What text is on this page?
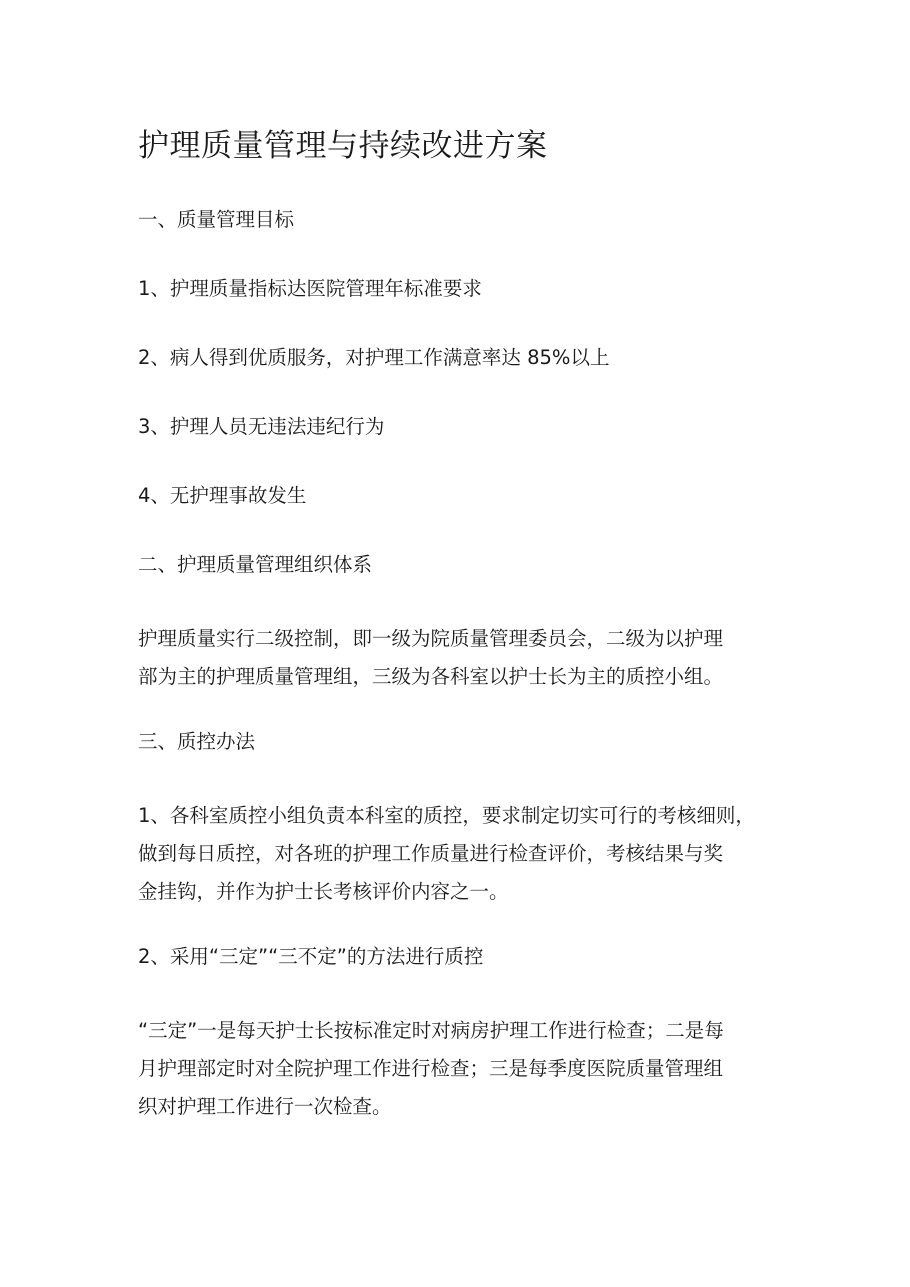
护理质量管理与持续改进方案
一、质量管理目标
1、护理质量指标达医院管理年标准要求
2、病人得到优质服务，对护理工作满意率达 85%以上
3、护理人员无违法违纪行为
4、无护理事故发生
二、护理质量管理组织体系
护理质量实行二级控制，即一级为院质量管理委员会，二级为以护理
部为主的护理质量管理组，三级为各科室以护士长为主的质控小组。
三、质控办法
1、各科室质控小组负责本科室的质控，要求制定切实可行的考核细则，
做到每日质控，对各班的护理工作质量进行检查评价，考核结果与奖
金挂钩，并作为护士长考核评价内容之一。
2、采用“三定”“三不定”的方法进行质控
“三定”一是每天护士长按标准定时对病房护理工作进行检查；二是每
月护理部定时对全院护理工作进行检查；三是每季度医院质量管理组
织对护理工作进行一次检查。
